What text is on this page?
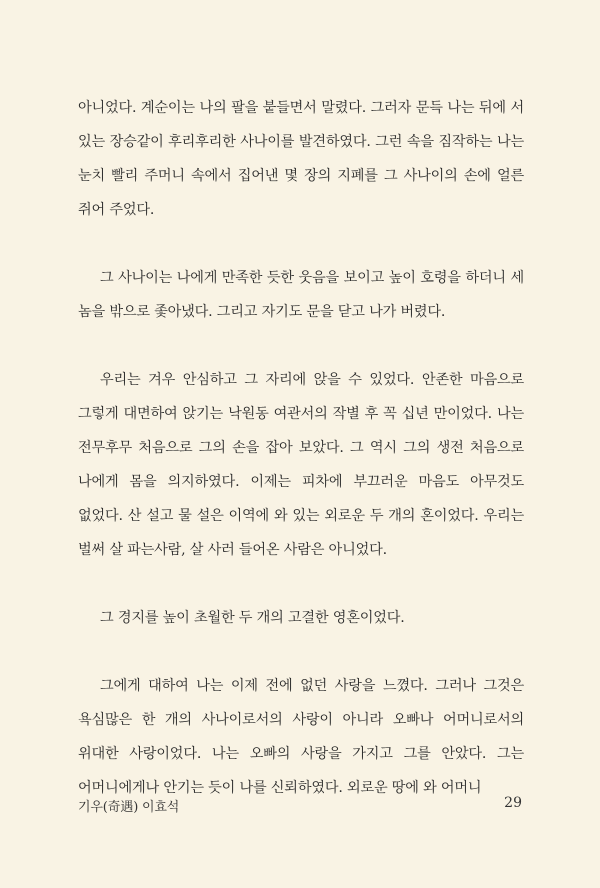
아니었다. 계순이는 나의 팔을 붙들면서 말렸다. 그러자 문득 나는 뒤에 서 있는 장승같이 후리후리한 사나이를 발견하였다. 그런 속을 짐작하는 나는 눈치 빨리 주머니 속에서 집어낸 몇 장의 지폐를 그 사나이의 손에 얼른 쥐어 주었다.

그 사나이는 나에게 만족한 듯한 웃음을 보이고 높이 호령을 하더니 세 놈을 밖으로 좇아냈다. 그리고 자기도 문을 닫고 나가 버렸다.

우리는 겨우 안심하고 그 자리에 앉을 수 있었다. 안존한 마음으로 그렇게 대면하여 앉기는 낙원동 여관서의 작별 후 꼭 십년 만이었다. 나는 전무후무 처음으로 그의 손을 잡아 보았다. 그 역시 그의 생전 처음으로 나에게 몸을 의지하였다. 이제는 피차에 부끄러운 마음도 아무것도 없었다. 산 설고 물 설은 이역에 와 있는 외로운 두 개의 혼이었다. 우리는 벌써 살 파는사람, 살 사러 들어온 사람은 아니었다.

그 경지를 높이 초월한 두 개의 고결한 영혼이었다.

그에게 대하여 나는 이제 전에 없던 사랑을 느꼈다. 그러나 그것은 욕심많은 한 개의 사나이로서의 사랑이 아니라 오빠나 어머니로서의 위대한 사랑이었다. 나는 오빠의 사랑을 가지고 그를 안았다. 그는 어머니에게나 안기는 듯이 나를 신뢰하였다. 외로운 땅에 와 어머니

기우(奇遇) 이효석	29
